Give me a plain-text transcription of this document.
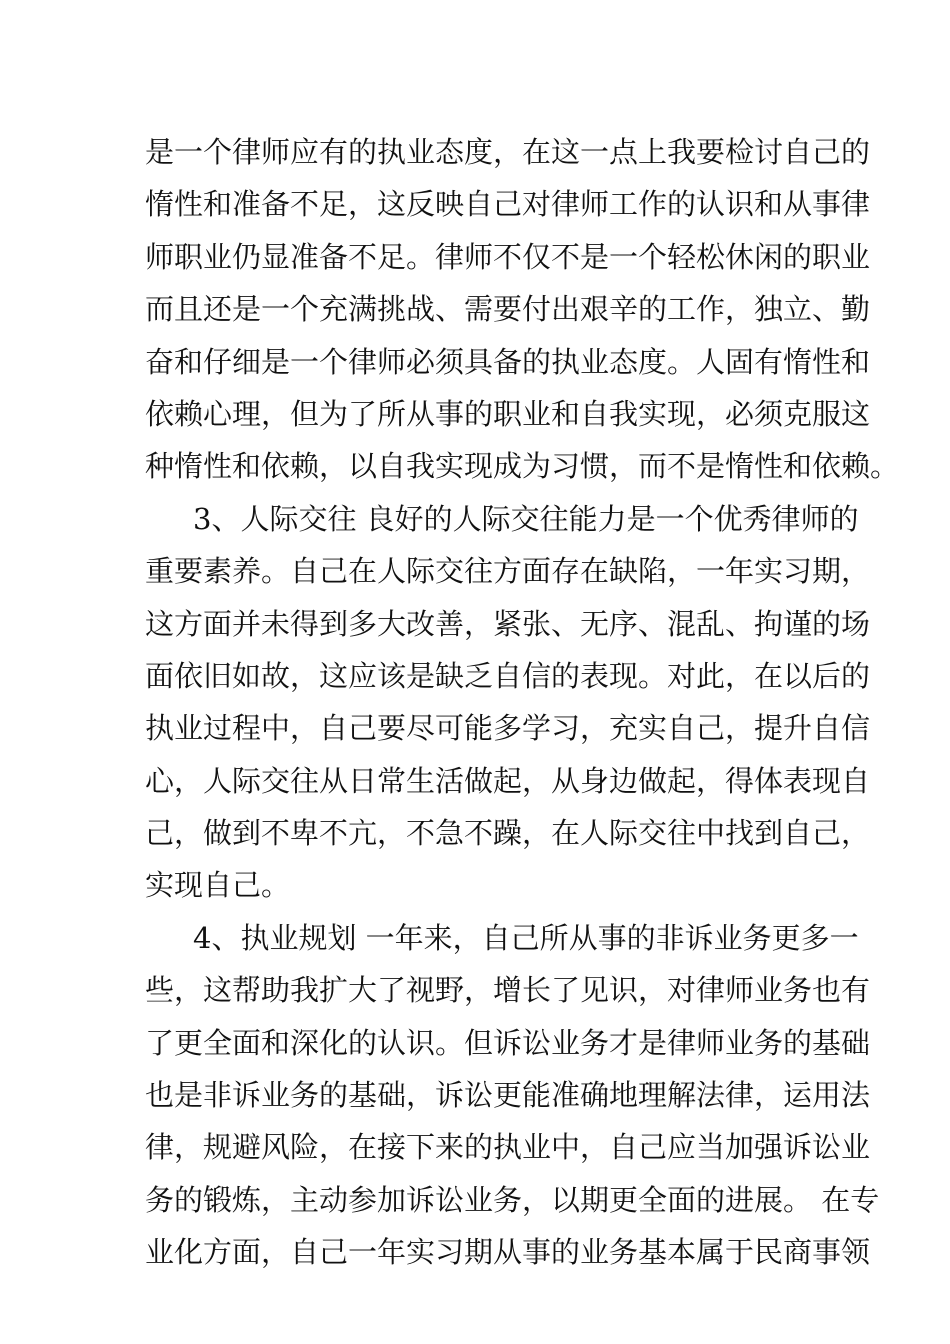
是一个律师应有的执业态度，在这一点上我要检讨自己的
惰性和准备不足，这反映自己对律师工作的认识和从事律
师职业仍显准备不足。律师不仅不是一个轻松休闲的职业
而且还是一个充满挑战、需要付出艰辛的工作，独立、勤
奋和仔细是一个律师必须具备的执业态度。人固有惰性和
依赖心理，但为了所从事的职业和自我实现，必须克服这
种惰性和依赖，以自我实现成为习惯，而不是惰性和依赖。
3、人际交往 良好的人际交往能力是一个优秀律师的
重要素养。自己在人际交往方面存在缺陷，一年实习期，
这方面并未得到多大改善，紧张、无序、混乱、拘谨的场
面依旧如故，这应该是缺乏自信的表现。对此，在以后的
执业过程中，自己要尽可能多学习，充实自己，提升自信
心，人际交往从日常生活做起，从身边做起，得体表现自
己，做到不卑不亢，不急不躁，在人际交往中找到自己，
实现自己。
4、执业规划 一年来，自己所从事的非诉业务更多一
些，这帮助我扩大了视野，增长了见识，对律师业务也有
了更全面和深化的认识。但诉讼业务才是律师业务的基础
也是非诉业务的基础，诉讼更能准确地理解法律，运用法
律，规避风险，在接下来的执业中，自己应当加强诉讼业
务的锻炼，主动参加诉讼业务，以期更全面的进展。 在专
业化方面，自己一年实习期从事的业务基本属于民商事领
